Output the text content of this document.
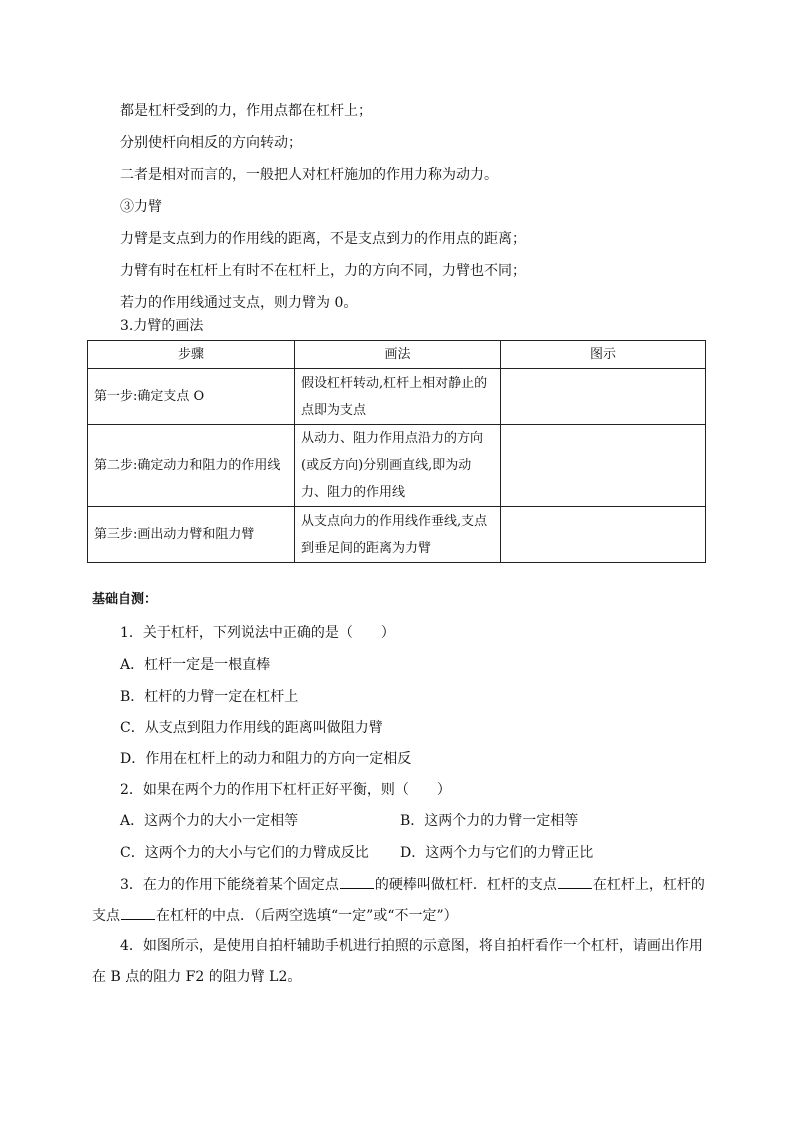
都是杠杆受到的力，作用点都在杠杆上；
分别使杆向相反的方向转动；
二者是相对而言的，一般把人对杠杆施加的作用力称为动力。
③力臂
力臂是支点到力的作用线的距离，不是支点到力的作用点的距离；
力臂有时在杠杆上有时不在杠杆上，力的方向不同，力臂也不同；
若力的作用线通过支点，则力臂为 0。
3.力臂的画法
步骤	画法	图示
第一步:确定支点 O	假设杠杆转动,杠杆上相对静止的点即为支点	
第二步:确定动力和阻力的作用线	从动力、阻力作用点沿力的方向(或反方向)分别画直线,即为动力、阻力的作用线	
第三步:画出动力臂和阻力臂	从支点向力的作用线作垂线,支点到垂足间的距离为力臂	
基础自测：
1．关于杠杆，下列说法中正确的是（　　）
A．杠杆一定是一根直棒
B．杠杆的力臂一定在杠杆上
C．从支点到阻力作用线的距离叫做阻力臂
D．作用在杠杆上的动力和阻力的方向一定相反
2．如果在两个力的作用下杠杆正好平衡，则（　　）
A．这两个力的大小一定相等	B．这两个力的力臂一定相等
C．这两个力的大小与它们的力臂成反比 D．这两个力与它们的力臂正比
3．在力的作用下能绕着某个固定点	的硬棒叫做杠杆．杠杆的支点	在杠杆上，杠杆的
支点	在杠杆的中点．（后两空选填“一定”或“不一定”）
4．如图所示，是使用自拍杆辅助手机进行拍照的示意图，将自拍杆看作一个杠杆，请画出作用
在 B 点的阻力 F2 的阻力臂 L2。
